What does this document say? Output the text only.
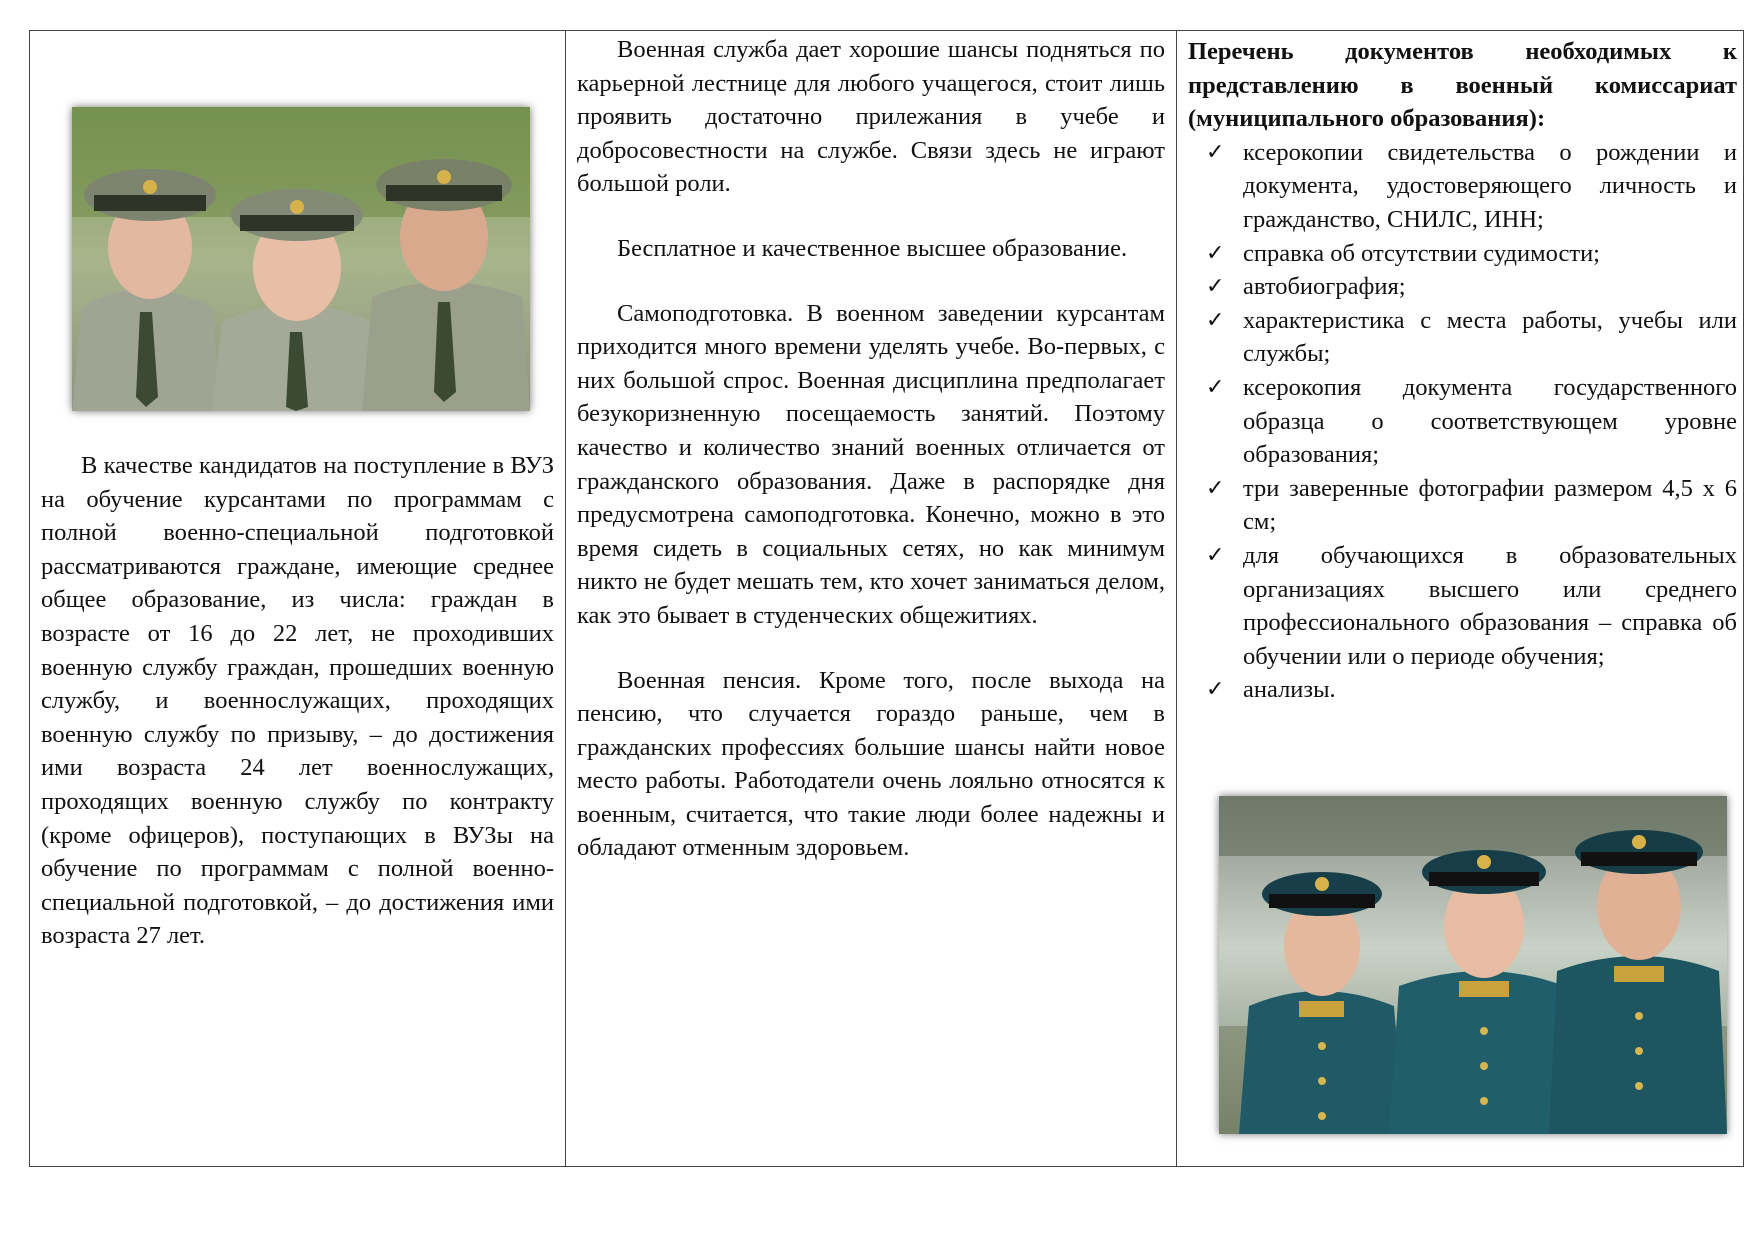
В качестве кандидатов на поступление в ВУЗ на обучение курсантами по программам с полной военно-специальной подготовкой рассматриваются граждане, имеющие среднее общее образование, из числа: граждан в возрасте от 16 до 22 лет, не проходивших военную службу граждан, прошедших военную службу, и военнослужащих, проходящих военную службу по призыву, – до достижения ими возраста 24 лет военнослужащих, проходящих военную службу по контракту (кроме офицеров), поступающих в ВУЗы на обучение по программам с полной военно-специальной подготовкой, – до достижения ими возраста 27 лет.

Военная служба дает хорошие шансы подняться по карьерной лестнице для любого учащегося, стоит лишь проявить достаточно прилежания в учебе и добросовестности на службе. Связи здесь не играют большой роли.

Бесплатное и качественное высшее образование.

Самоподготовка. В военном заведении курсантам приходится много времени уделять учебе. Во-первых, с них большой спрос. Военная дисциплина предполагает безукоризненную посещаемость занятий. Поэтому качество и количество знаний военных отличается от гражданского образования. Даже в распорядке дня предусмотрена самоподготовка. Конечно, можно в это время сидеть в социальных сетях, но как минимум никто не будет мешать тем, кто хочет заниматься делом, как это бывает в студенческих общежитиях.

Военная пенсия. Кроме того, после выхода на пенсию, что случается гораздо раньше, чем в гражданских профессиях большие шансы найти новое место работы. Работодатели очень лояльно относятся к военным, считается, что такие люди более надежны и обладают отменным здоровьем.

Перечень документов необходимых к представлению в военный комиссариат (муниципального образования):

✓ ксерокопии свидетельства о рождении и документа, удостоверяющего личность и гражданство, СНИЛС, ИНН;
✓ справка об отсутствии судимости;
✓ автобиография;
✓ характеристика с места работы, учебы или службы;
✓ ксерокопия документа государственного образца о соответствующем уровне образования;
✓ три заверенные фотографии размером 4,5 х 6 см;
✓ для обучающихся в образовательных организациях высшего или среднего профессионального образования – справка об обучении или о периоде обучения;
✓ анализы.
